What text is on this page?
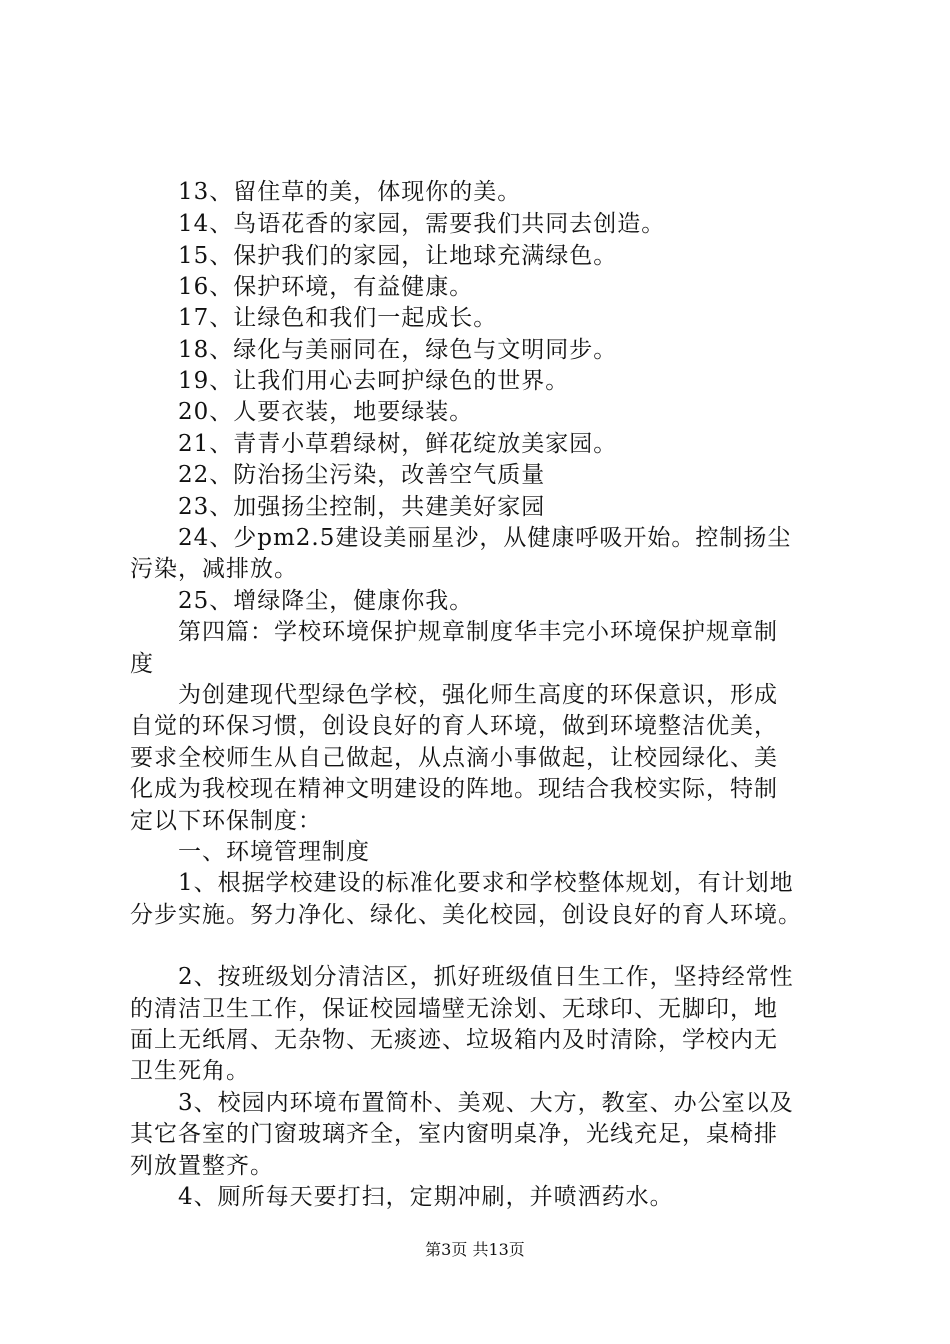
13、留住草的美，体现你的美。
14、鸟语花香的家园，需要我们共同去创造。
15、保护我们的家园，让地球充满绿色。
16、保护环境，有益健康。
17、让绿色和我们一起成长。
18、绿化与美丽同在，绿色与文明同步。
19、让我们用心去呵护绿色的世界。
20、人要衣装，地要绿装。
21、青青小草碧绿树，鲜花绽放美家园。
22、防治扬尘污染，改善空气质量
23、加强扬尘控制，共建美好家园
24、少pm2.5建设美丽星沙，从健康呼吸开始。控制扬尘
污染，减排放。
25、增绿降尘，健康你我。
第四篇：学校环境保护规章制度华丰完小环境保护规章制
度
为创建现代型绿色学校，强化师生高度的环保意识，形成
自觉的环保习惯，创设良好的育人环境，做到环境整洁优美，
要求全校师生从自己做起，从点滴小事做起，让校园绿化、美
化成为我校现在精神文明建设的阵地。现结合我校实际，特制
定以下环保制度：
一、环境管理制度
1、根据学校建设的标准化要求和学校整体规划，有计划地
分步实施。努力净化、绿化、美化校园，创设良好的育人环境。
2、按班级划分清洁区，抓好班级值日生工作，坚持经常性
的清洁卫生工作，保证校园墙壁无涂划、无球印、无脚印，地
面上无纸屑、无杂物、无痰迹、垃圾箱内及时清除，学校内无
卫生死角。
3、校园内环境布置简朴、美观、大方，教室、办公室以及
其它各室的门窗玻璃齐全，室内窗明桌净，光线充足，桌椅排
列放置整齐。
4、厕所每天要打扫，定期冲刷，并喷洒药水。
第3页 共13页
